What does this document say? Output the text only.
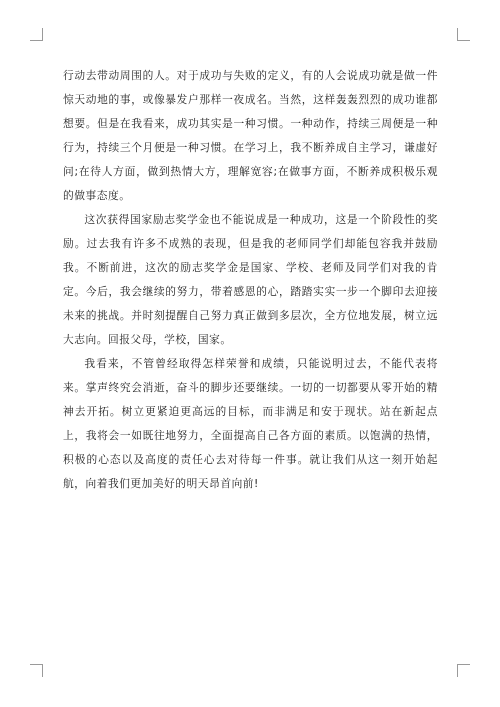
行动去带动周围的人。对于成功与失败的定义，有的人会说成功就是做一件惊天动地的事，或像暴发户那样一夜成名。当然，这样轰轰烈烈的成功谁都想要。但是在我看来，成功其实是一种习惯。一种动作，持续三周便是一种行为，持续三个月便是一种习惯。在学习上，我不断养成自主学习，谦虚好问;在待人方面，做到热情大方，理解宽容;在做事方面，不断养成积极乐观的做事态度。

这次获得国家励志奖学金也不能说成是一种成功，这是一个阶段性的奖励。过去我有许多不成熟的表现，但是我的老师同学们却能包容我并鼓励我。不断前进，这次的励志奖学金是国家、学校、老师及同学们对我的肯定。今后，我会继续的努力，带着感恩的心，踏踏实实一步一个脚印去迎接未来的挑战。并时刻提醒自己努力真正做到多层次，全方位地发展，树立远大志向。回报父母，学校，国家。

我看来，不管曾经取得怎样荣誉和成绩，只能说明过去，不能代表将来。掌声终究会消逝，奋斗的脚步还要继续。一切的一切都要从零开始的精神去开拓。树立更紧迫更高远的目标，而非满足和安于现状。站在新起点上，我将会一如既往地努力，全面提高自己各方面的素质。以饱满的热情，积极的心态以及高度的责任心去对待每一件事。就让我们从这一刻开始起航，向着我们更加美好的明天昂首向前!
